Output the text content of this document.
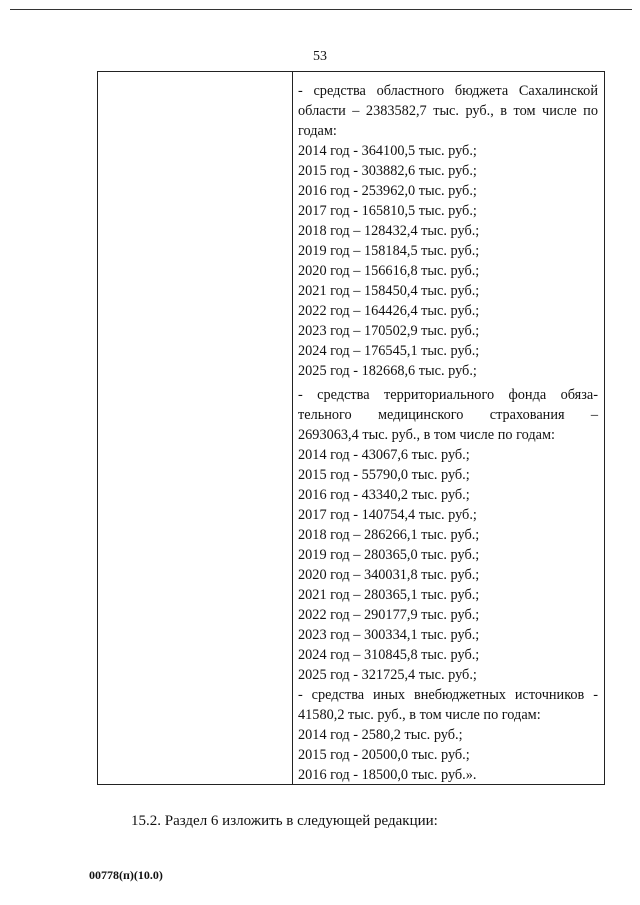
53
- средства областного бюджета Сахалинской
области – 2383582,7 тыс. руб., в том числе по
годам:
2014 год - 364100,5 тыс. руб.;
2015 год - 303882,6 тыс. руб.;
2016 год - 253962,0 тыс. руб.;
2017 год - 165810,5 тыс. руб.;
2018 год – 128432,4 тыс. руб.;
2019 год – 158184,5 тыс. руб.;
2020 год – 156616,8 тыс. руб.;
2021 год – 158450,4 тыс. руб.;
2022 год – 164426,4 тыс. руб.;
2023 год – 170502,9 тыс. руб.;
2024 год – 176545,1 тыс. руб.;
2025 год - 182668,6 тыс. руб.;
- средства территориального фонда обяза-
тельного медицинского страхования –
2693063,4 тыс. руб., в том числе по годам:
2014 год - 43067,6 тыс. руб.;
2015 год - 55790,0 тыс. руб.;
2016 год - 43340,2 тыс. руб.;
2017 год - 140754,4 тыс. руб.;
2018 год – 286266,1 тыс. руб.;
2019 год – 280365,0 тыс. руб.;
2020 год – 340031,8 тыс. руб.;
2021 год – 280365,1 тыс. руб.;
2022 год – 290177,9 тыс. руб.;
2023 год – 300334,1 тыс. руб.;
2024 год – 310845,8 тыс. руб.;
2025 год - 321725,4 тыс. руб.;
- средства иных внебюджетных источников -
41580,2 тыс. руб., в том числе по годам:
2014 год - 2580,2 тыс. руб.;
2015 год - 20500,0 тыс. руб.;
2016 год - 18500,0 тыс. руб.».
15.2. Раздел 6 изложить в следующей редакции:
00778(п)(10.0)
